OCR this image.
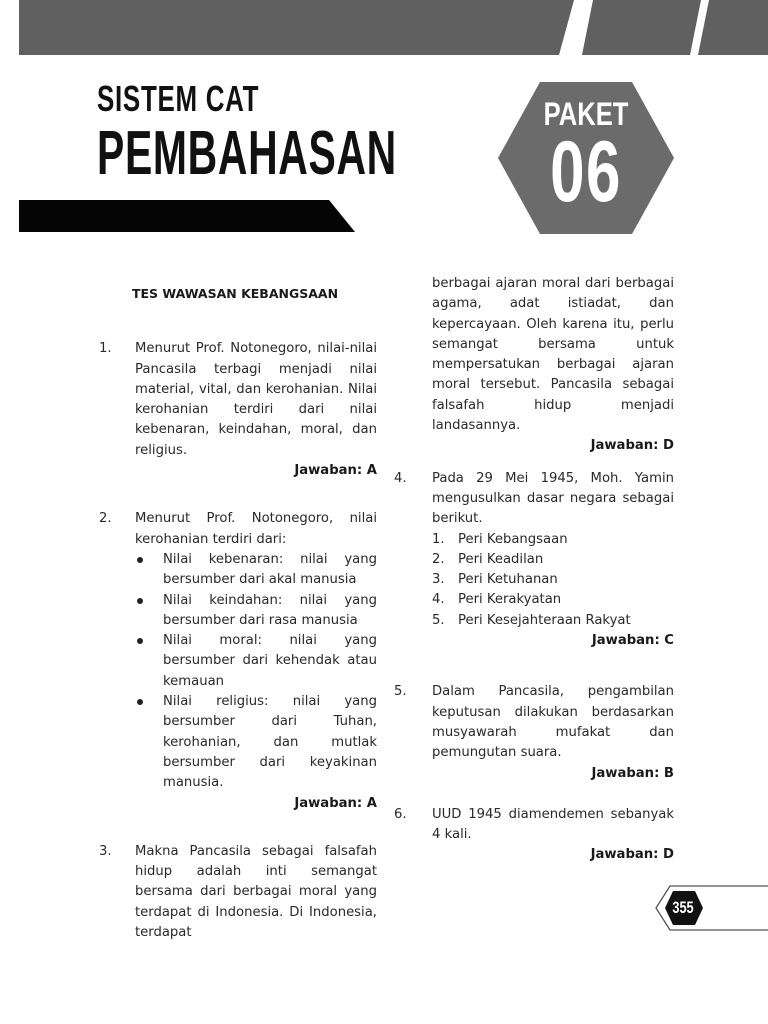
SISTEM CAT
PEMBAHASAN
PAKET
06
TES WAWASAN KEBANGSAAN
1. Menurut Prof. Notonegoro, nilai-nilai Pancasila terbagi menjadi nilai material, vital, dan kerohanian. Nilai kerohanian terdiri dari nilai kebenaran, keindahan, moral, dan religius.
Jawaban: A
2. Menurut Prof. Notonegoro, nilai kerohanian terdiri dari:
Nilai kebenaran: nilai yang bersumber dari akal manusia
Nilai keindahan: nilai yang bersumber dari rasa manusia
Nilai moral: nilai yang bersumber dari kehendak atau kemauan
Nilai religius: nilai yang bersumber dari Tuhan, kerohanian, dan mutlak bersumber dari keyakinan manusia.
Jawaban: A
3. Makna Pancasila sebagai falsafah hidup adalah inti semangat bersama dari berbagai moral yang terdapat di Indonesia. Di Indonesia, terdapat
berbagai ajaran moral dari berbagai agama, adat istiadat, dan kepercayaan. Oleh karena itu, perlu semangat bersama untuk mempersatukan berbagai ajaran moral tersebut. Pancasila sebagai falsafah hidup menjadi landasannya.
Jawaban: D
4. Pada 29 Mei 1945, Moh. Yamin mengusulkan dasar negara sebagai berikut.
1. Peri Kebangsaan
2. Peri Keadilan
3. Peri Ketuhanan
4. Peri Kerakyatan
5. Peri Kesejahteraan Rakyat
Jawaban: C
5. Dalam Pancasila, pengambilan keputusan dilakukan berdasarkan musyawarah mufakat dan pemungutan suara.
Jawaban: B
6. UUD 1945 diamendemen sebanyak 4 kali.
Jawaban: D
355
